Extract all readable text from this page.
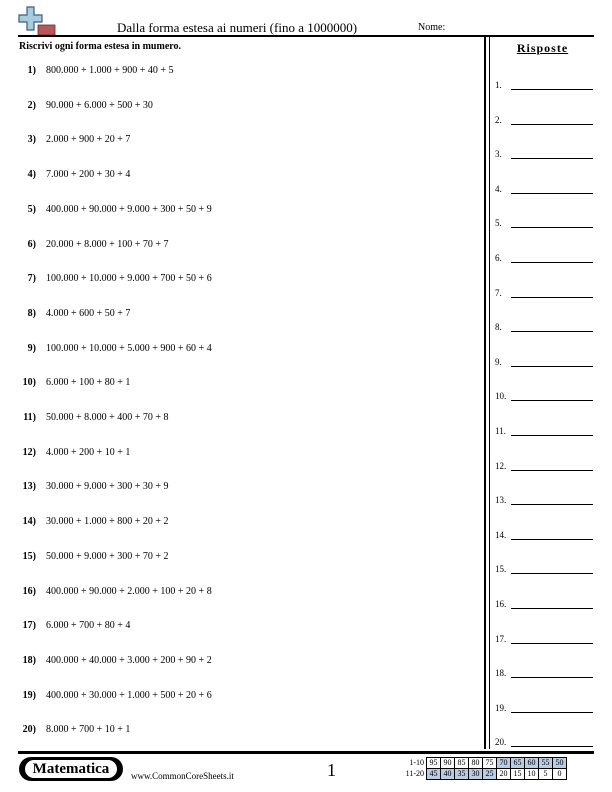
Dalla forma estesa ai numeri (fino a 1000000)	Nome:
Riscrivi ogni forma estesa in mumero.
1) 800.000 + 1.000 + 900 + 40 + 5
2) 90.000 + 6.000 + 500 + 30
3) 2.000 + 900 + 20 + 7
4) 7.000 + 200 + 30 + 4
5) 400.000 + 90.000 + 9.000 + 300 + 50 + 9
6) 20.000 + 8.000 + 100 + 70 + 7
7) 100.000 + 10.000 + 9.000 + 700 + 50 + 6
8) 4.000 + 600 + 50 + 7
9) 100.000 + 10.000 + 5.000 + 900 + 60 + 4
10) 6.000 + 100 + 80 + 1
11) 50.000 + 8.000 + 400 + 70 + 8
12) 4.000 + 200 + 10 + 1
13) 30.000 + 9.000 + 300 + 30 + 9
14) 30.000 + 1.000 + 800 + 20 + 2
15) 50.000 + 9.000 + 300 + 70 + 2
16) 400.000 + 90.000 + 2.000 + 100 + 20 + 8
17) 6.000 + 700 + 80 + 4
18) 400.000 + 40.000 + 3.000 + 200 + 90 + 2
19) 400.000 + 30.000 + 1.000 + 500 + 20 + 6
20) 8.000 + 700 + 10 + 1
Risposte
1.
2.
3.
4.
5.
6.
7.
8.
9.
10.
11.
12.
13.
14.
15.
16.
17.
18.
19.
20.
Matematica	www.CommonCoreSheets.it	1	1-10	95	90	85	80	75	70	65	60	55	50
11-20	45	40	35	30	25	20	15	10	5	0
